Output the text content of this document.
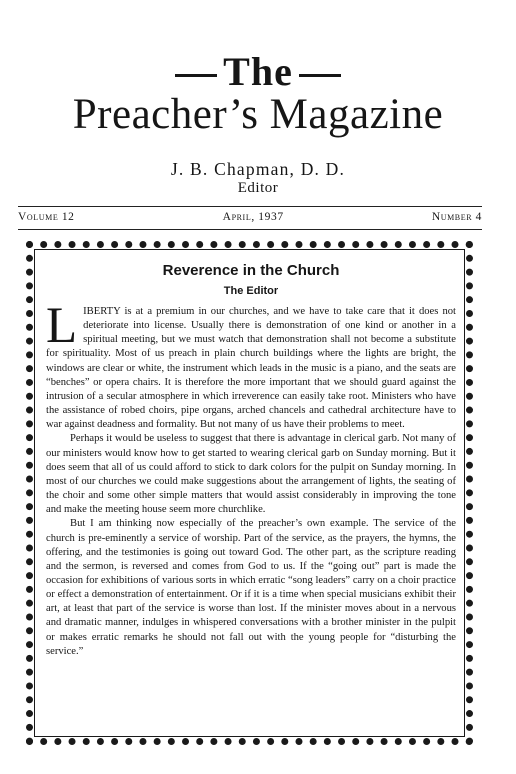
The
Preacher’s Magazine
J. B. Chapman, D. D.
Editor
Volume 12	April, 1937	Number 4
Reverence in the Church
The Editor

LIBERTY is at a premium in our churches, and we have to take care that it does not deteriorate into license. Usually there is demonstration of one kind or another in a spiritual meeting, but we must watch that demonstration shall not become a substitute for spirituality. Most of us preach in plain church buildings where the lights are bright, the windows are clear or white, the instrument which leads in the music is a piano, and the seats are “benches” or opera chairs. It is therefore the more important that we should guard against the intrusion of a secular atmosphere in which irreverence can easily take root. Ministers who have the assistance of robed choirs, pipe organs, arched chancels and cathedral architecture have to war against deadness and formality. But not many of us have their problems to meet.

Perhaps it would be useless to suggest that there is advantage in clerical garb. Not many of our ministers would know how to get started to wearing clerical garb on Sunday morning. But it does seem that all of us could afford to stick to dark colors for the pulpit on Sunday morning. In most of our churches we could make suggestions about the arrangement of lights, the seating of the choir and some other simple matters that would assist considerably in improving the tone and make the meeting house seem more churchlike.

But I am thinking now especially of the preacher’s own example. The service of the church is pre-eminently a service of worship. Part of the service, as the prayers, the hymns, the offering, and the testimonies is going out toward God. The other part, as the scripture reading and the sermon, is reversed and comes from God to us. If the “going out” part is made the occasion for exhibitions of various sorts in which erratic “song leaders” carry on a choir practice or effect a demonstration of entertainment. Or if it is a time when special musicians exhibit their art, at least that part of the service is worse than lost. If the minister moves about in a nervous and dramatic manner, indulges in whispered conversations with a brother minister in the pulpit or makes erratic remarks he should not fall out with the young people for “disturbing the service.”
